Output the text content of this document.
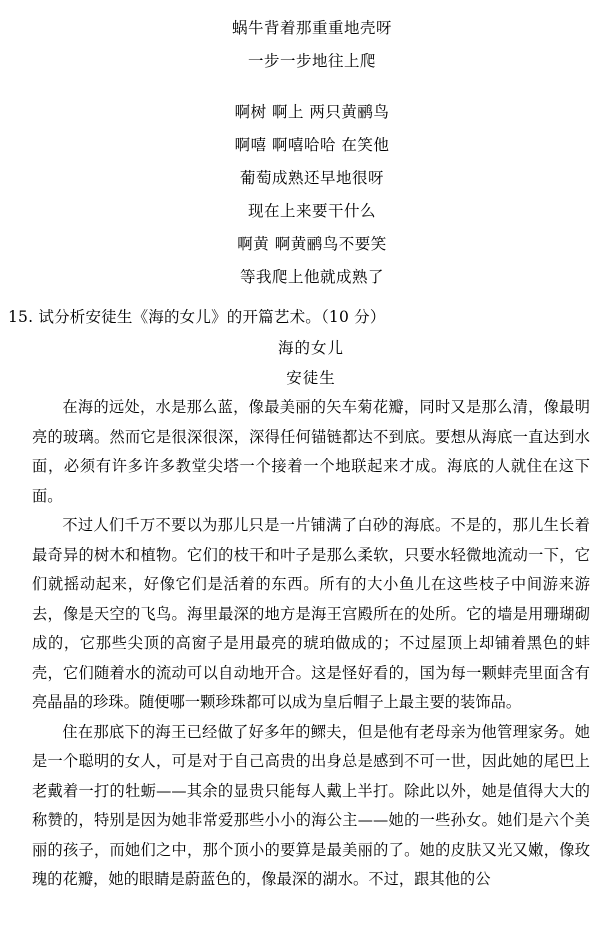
蜗牛背着那重重地壳呀
一步一步地往上爬
啊树 啊上 两只黄鹂鸟
啊嘻 啊嘻哈哈 在笑他
葡萄成熟还早地很呀
现在上来要干什么
啊黄 啊黄鹂鸟不要笑
等我爬上他就成熟了
15. 试分析安徒生《海的女儿》的开篇艺术。（10 分）
海的女儿
安徒生

在海的远处，水是那么蓝，像最美丽的矢车菊花瓣，同时又是那么清，像最明亮的玻璃。然而它是很深很深，深得任何锚链都达不到底。要想从海底一直达到水面，必须有许多许多教堂尖塔一个接着一个地联起来才成。海底的人就住在这下面。

不过人们千万不要以为那儿只是一片铺满了白砂的海底。不是的，那儿生长着最奇异的树木和植物。它们的枝干和叶子是那么柔软，只要水轻微地流动一下，它们就摇动起来，好像它们是活着的东西。所有的大小鱼儿在这些枝子中间游来游去，像是天空的飞鸟。海里最深的地方是海王宫殿所在的处所。它的墙是用珊瑚砌成的，它那些尖顶的高窗子是用最亮的琥珀做成的；不过屋顶上却铺着黑色的蚌壳，它们随着水的流动可以自动地开合。这是怪好看的，国为每一颗蚌壳里面含有亮晶晶的珍珠。随便哪一颗珍珠都可以成为皇后帽子上最主要的装饰品。

住在那底下的海王已经做了好多年的鳏夫，但是他有老母亲为他管理家务。她是一个聪明的女人，可是对于自己高贵的出身总是感到不可一世，因此她的尾巴上老戴着一打的牡蛎——其余的显贵只能每人戴上半打。除此以外，她是值得大大的称赞的，特别是因为她非常爱那些小小的海公主——她的一些孙女。她们是六个美丽的孩子，而她们之中，那个顶小的要算是最美丽的了。她的皮肤又光又嫩，像玫瑰的花瓣，她的眼睛是蔚蓝色的，像最深的湖水。不过，跟其他的公
